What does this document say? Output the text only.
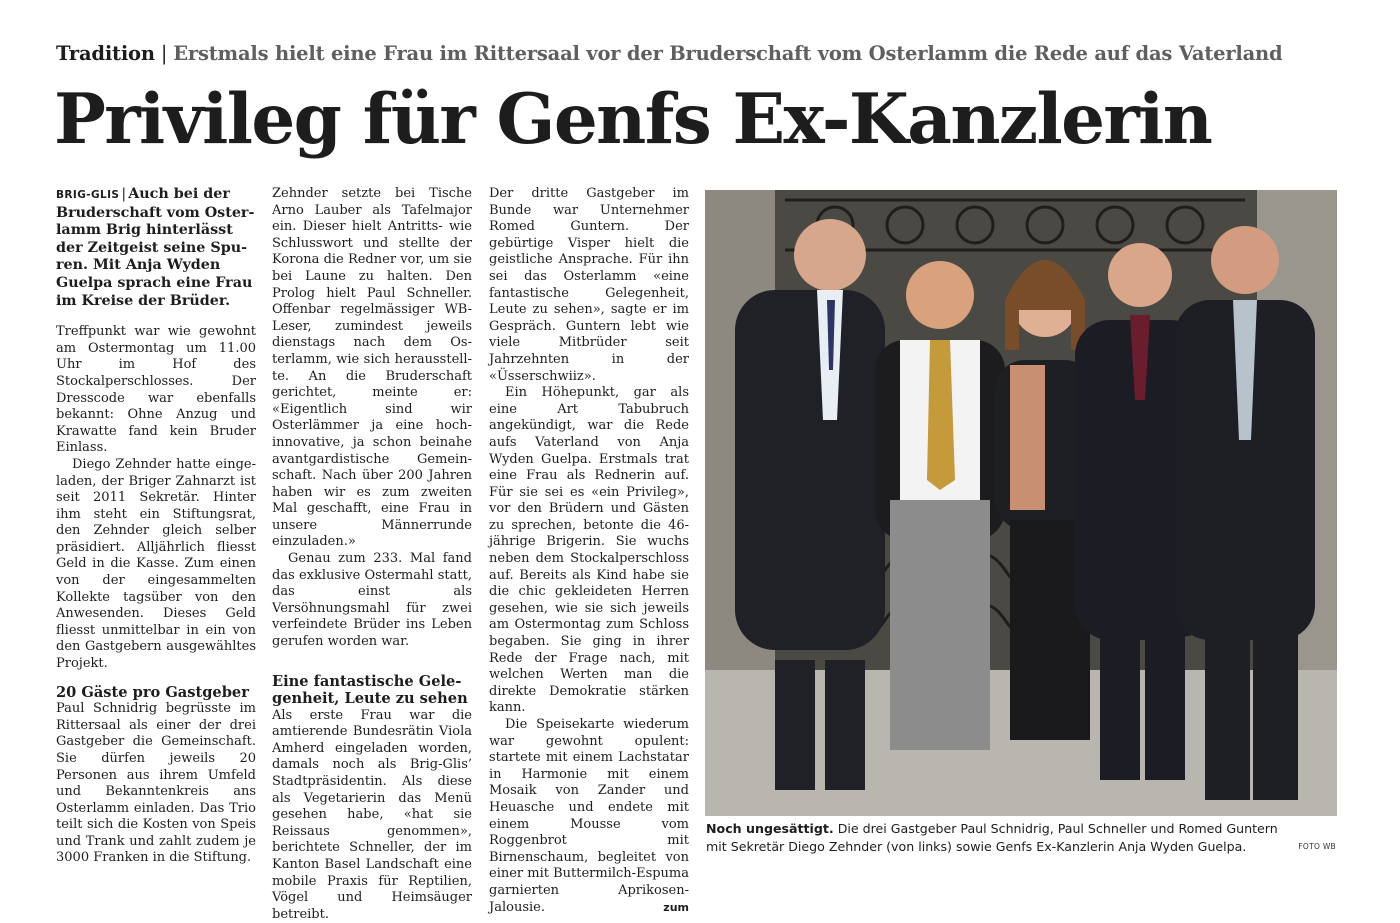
Tradition | Erstmals hielt eine Frau im Rittersaal vor der Bruderschaft vom Osterlamm die Rede auf das Vaterland
Privileg für Genfs Ex-Kanzlerin

BRIG-GLIS | Auch bei der Bruderschaft vom Osterlamm Brig hinterlässt der Zeitgeist seine Spuren. Mit Anja Wyden Guelpa sprach eine Frau im Kreise der Brüder.

Treffpunkt war wie gewohnt am Ostermontag um 11.00 Uhr im Hof des Stockalperschlosses. Der Dresscode war ebenfalls bekannt: Ohne Anzug und Krawatte fand kein Bruder Einlass.

Diego Zehnder hatte eingeladen, der Briger Zahnarzt ist seit 2011 Sekretär. Hinter ihm steht ein Stiftungsrat, den Zehnder gleich selber präsidiert. Alljährlich fliesst Geld in die Kasse. Zum einen von der eingesammelten Kollekte tagsüber von den Anwesenden. Dieses Geld fliesst unmittelbar in ein von den Gastgebern ausgewähltes Projekt.

20 Gäste pro Gastgeber

Paul Schnidrig begrüsste im Rittersaal als einer der drei Gastgeber die Gemeinschaft. Sie dürfen jeweils 20 Personen aus ihrem Umfeld und Bekanntenkreis ans Osterlamm einladen. Das Trio teilt sich die Kosten von Speis und Trank und zahlt zudem je 3000 Franken in die Stiftung.

Zehnder setzte bei Tische Arno Lauber als Tafelmajor ein. Dieser hielt Antritts- wie Schlusswort und stellte der Korona die Redner vor, um sie bei Laune zu halten. Den Prolog hielt Paul Schneller. Offenbar regelmässiger WB-Leser, zumindest jeweils dienstags nach dem Osterlamm, wie sich herausstellte. An die Bruderschaft gerichtet, meinte er: «Eigentlich sind wir Osterlämmer ja eine hochinnovative, ja schon beinahe avantgardistische Gemeinschaft. Nach über 200 Jahren haben wir es zum zweiten Mal geschafft, eine Frau in unsere Männerrunde einzuladen.»

Genau zum 233. Mal fand das exklusive Ostermahl statt, das einst als Versöhnungsmahl für zwei verfeindete Brüder ins Leben gerufen worden war.

Eine fantastische Gelegenheit, Leute zu sehen

Als erste Frau war die amtierende Bundesrätin Viola Amherd eingeladen worden, damals noch als Brig-Glis’ Stadtpräsidentin. Als diese als Vegetarierin das Menü gesehen habe, «hat sie Reissaus genommen», berichtete Schneller, der im Kanton Basel Landschaft eine mobile Praxis für Reptilien, Vögel und Heimsäuger betreibt.

Der dritte Gastgeber im Bunde war Unternehmer Romed Guntern. Der gebürtige Visper hielt die geistliche Ansprache. Für ihn sei das Osterlamm «eine fantastische Gelegenheit, Leute zu sehen», sagte er im Gespräch. Guntern lebt wie viele Mitbrüder seit Jahrzehnten in der «Üsserschwiiz».

Ein Höhepunkt, gar als eine Art Tabubruch angekündigt, war die Rede aufs Vaterland von Anja Wyden Guelpa. Erstmals trat eine Frau als Rednerin auf. Für sie sei es «ein Privileg», vor den Brüdern und Gästen zu sprechen, betonte die 46-jährige Brigerin. Sie wuchs neben dem Stockalperschloss auf. Bereits als Kind habe sie die chic gekleideten Herren gesehen, wie sie sich jeweils am Ostermontag zum Schloss begaben. Sie ging in ihrer Rede der Frage nach, mit welchen Werten man die direkte Demokratie stärken kann.

Die Speisekarte wiederum war gewohnt opulent: startete mit einem Lachstatar in Harmonie mit einem Mosaik von Zander und Heuasche und endete mit einem Mousse vom Roggenbrot mit Birnenschaum, begleitet von einer mit Buttermilch-Espuma garnierten Aprikosen-Jalousie.	zum

Noch ungesättigt. Die drei Gastgeber Paul Schnidrig, Paul Schneller und Romed Guntern mit Sekretär Diego Zehnder (von links) sowie Genfs Ex-Kanzlerin Anja Wyden Guelpa.	FOTO WB
